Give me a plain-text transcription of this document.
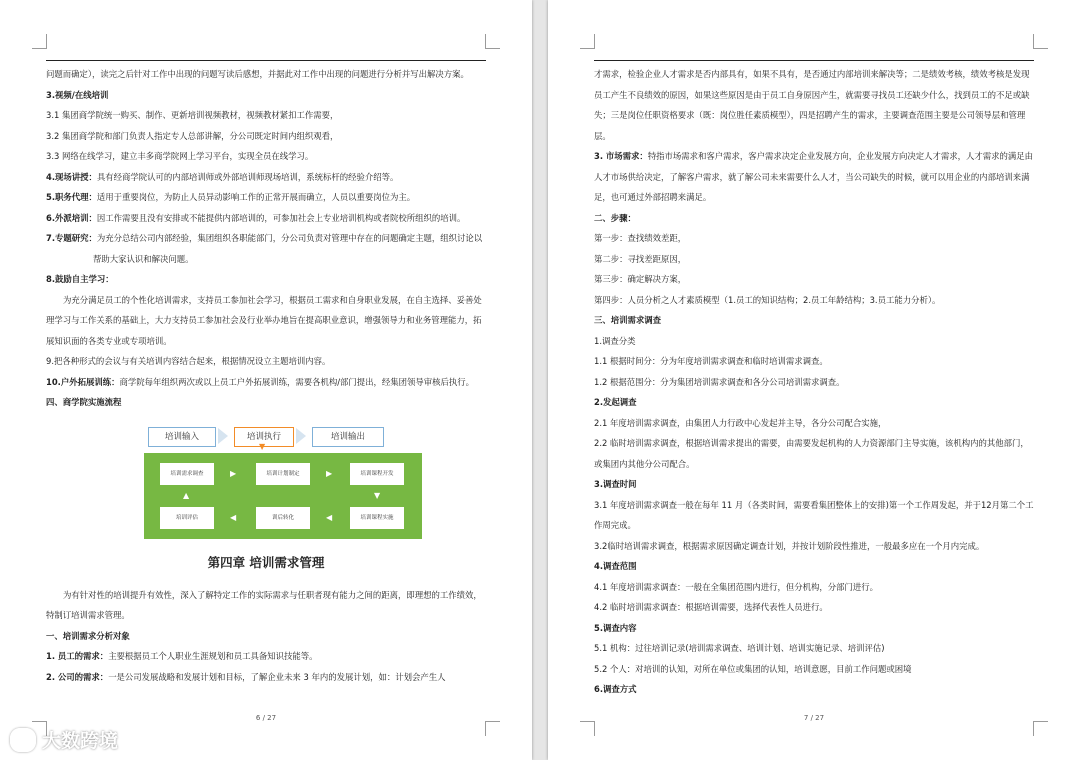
问题而确定），读完之后针对工作中出现的问题写读后感想，并据此对工作中出现的问题进行分析并写出解决方案。

3.视频/在线培训

3.1 集团商学院统一购买、制作、更新培训视频教材，视频教材紧扣工作需要，

3.2 集团商学院和部门负责人指定专人总部讲解，分公司既定时间内组织观看，

3.3 网络在线学习，建立丰多商学院网上学习平台，实现全员在线学习。

4.现场讲授：具有经商学院认可的内部培训师或外部培训师现场培训，系统标杆的经验介绍等。

5.职务代理：适用于重要岗位，为防止人员异动影响工作的正常开展而确立，人员以重要岗位为主。

6.外派培训：因工作需要且没有安排或不能提供内部培训的，可参加社会上专业培训机构或者院校所组织的培训。

7.专题研究：为充分总结公司内部经验，集团组织各职能部门，分公司负责对管理中存在的问题确定主题，组织讨论以帮助大家认识和解决问题。

8.鼓励自主学习：

为充分满足员工的个性化培训需求，支持员工参加社会学习，根据员工需求和自身职业发展，在自主选择、妥善处理学习与工作关系的基础上，大力支持员工参加社会及行业举办地旨在提高职业意识，增强领导力和业务管理能力，拓展知识面的各类专业或专项培训。

9.把各种形式的会议与有关培训内容结合起来，根据情况设立主题培训内容。

10.户外拓展训练：商学院每年组织两次或以上员工户外拓展训练，需要各机构/部门提出，经集团领导审核后执行。

四、商学院实施流程

培训输入	培训执行	培训输出
▼
培训需求调查	培训计划制定	培训课程开发
培训评估	训后转化	培训课程实施
▶	▶
▼
◀
◀
▲
第四章 培训需求管理

为有针对性的培训提升有效性，深入了解特定工作的实际需求与任职者现有能力之间的距离，即理想的工作绩效，特制订培训需求管理。

一、培训需求分析对象

1. 员工的需求：主要根据员工个人职业生涯规划和员工具备知识技能等。

2. 公司的需求：一是公司发展战略和发展计划和目标，了解企业未来 3 年内的发展计划，如：计划会产生人

6 / 27

才需求，检验企业人才需求是否内部具有，如果不具有，是否通过内部培训来解决等；二是绩效考核，绩效考核是发现员工产生不良绩效的原因，如果这些原因是由于员工自身原因产生，就需要寻找员工还缺少什么，找到员工的不足或缺失；三是岗位任职资格要求（既：岗位胜任素质模型），四是招聘产生的需求，主要调查范围主要是公司领导层和管理层。

3. 市场需求：特指市场需求和客户需求，客户需求决定企业发展方向，企业发展方向决定人才需求，人才需求的满足由人才市场供给决定，了解客户需求，就了解公司未来需要什么人才，当公司缺失的时候，就可以用企业的内部培训来满足，也可通过外部招聘来满足。

二、步骤：

第一步：查找绩效差距，

第二步：寻找差距原因，

第三步：确定解决方案，

第四步：人员分析之人才素质模型（1.员工的知识结构；2.员工年龄结构；3.员工能力分析）。

三、培训需求调查

1.调查分类

1.1 根据时间分：分为年度培训需求调查和临时培训需求调查。

1.2 根据范围分：分为集团培训需求调查和各分公司培训需求调查。

2.发起调查

2.1 年度培训需求调查，由集团人力行政中心发起并主导，各分公司配合实施，

2.2 临时培训需求调查，根据培训需求提出的需要，由需要发起机构的人力资源部门主导实施，该机构内的其他部门，或集团内其他分公司配合。

3.调查时间

3.1 年度培训需求调查一般在每年 11 月（各类时间，需要看集团整体上的安排)第一个工作周发起，并于12月第二个工作周完成。

3.2临时培训需求调查，根据需求原因确定调查计划，并按计划阶段性推进，一般最多应在一个月内完成。

4.调查范围

4.1 年度培训需求调查：一般在全集团范围内进行，但分机构，分部门进行。

4.2 临时培训需求调查：根据培训需要，选择代表性人员进行。

5.调查内容

5.1 机构：过往培训记录(培训需求调查、培训计划、培训实施记录、培训评估)

5.2 个人：对培训的认知，对所在单位或集团的认知，培训意愿，目前工作问题或困境

6.调查方式

7 / 27
大数跨境
